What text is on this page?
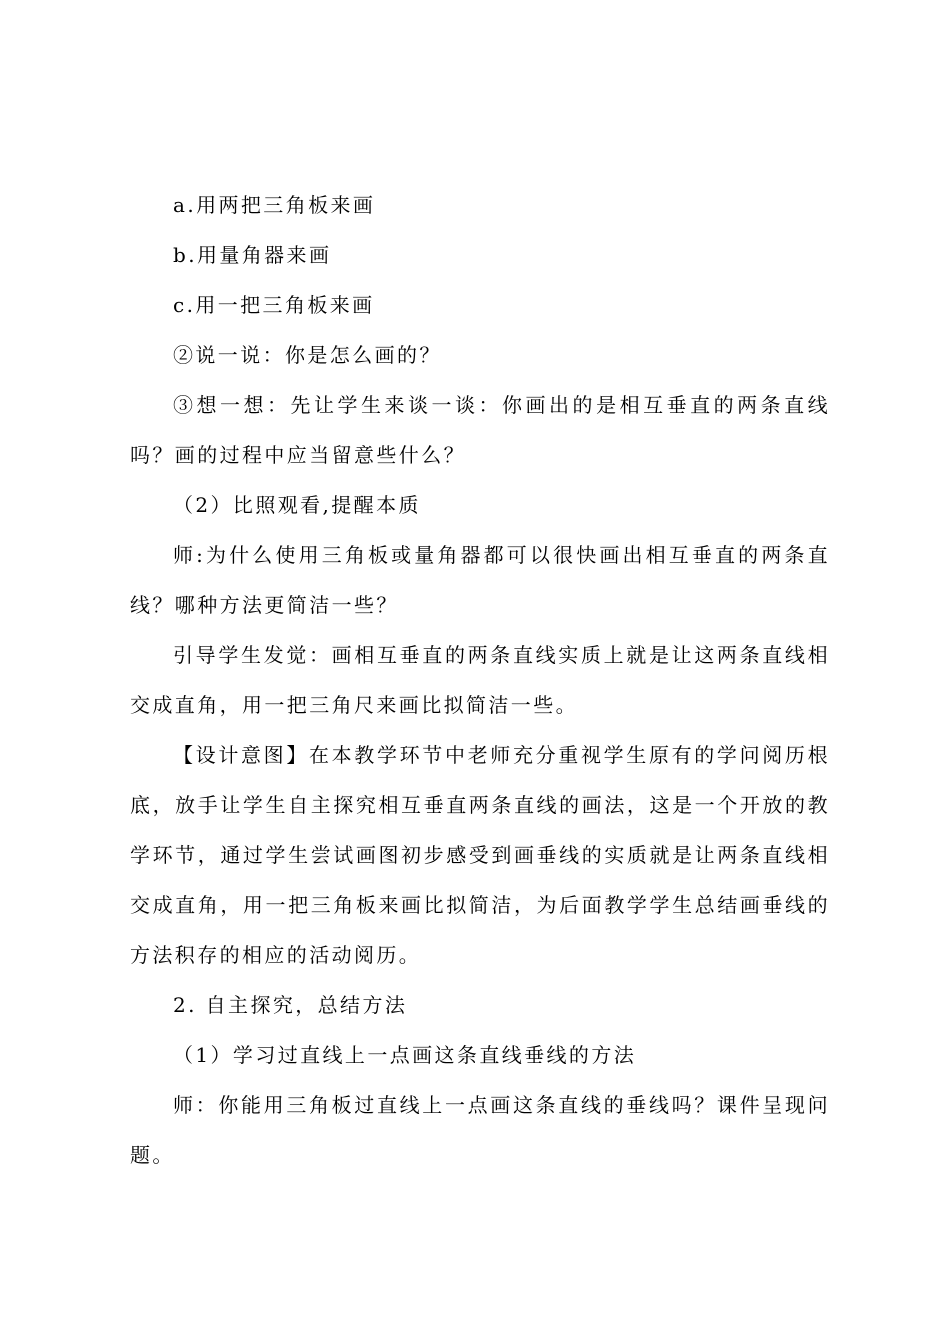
a.用两把三角板来画
b.用量角器来画
c.用一把三角板来画
②说一说：你是怎么画的？
③想一想：先让学生来谈一谈：你画出的是相互垂直的两条直线吗？画的过程中应当留意些什么？
（2）比照观看,提醒本质
师:为什么使用三角板或量角器都可以很快画出相互垂直的两条直线？哪种方法更简洁一些？
引导学生发觉：画相互垂直的两条直线实质上就是让这两条直线相交成直角，用一把三角尺来画比拟简洁一些。
【设计意图】在本教学环节中老师充分重视学生原有的学问阅历根底，放手让学生自主探究相互垂直两条直线的画法，这是一个开放的教学环节，通过学生尝试画图初步感受到画垂线的实质就是让两条直线相交成直角，用一把三角板来画比拟简洁，为后面教学学生总结画垂线的方法积存的相应的活动阅历。
2. 自主探究，总结方法
（1）学习过直线上一点画这条直线垂线的方法
师：你能用三角板过直线上一点画这条直线的垂线吗？课件呈现问题。
